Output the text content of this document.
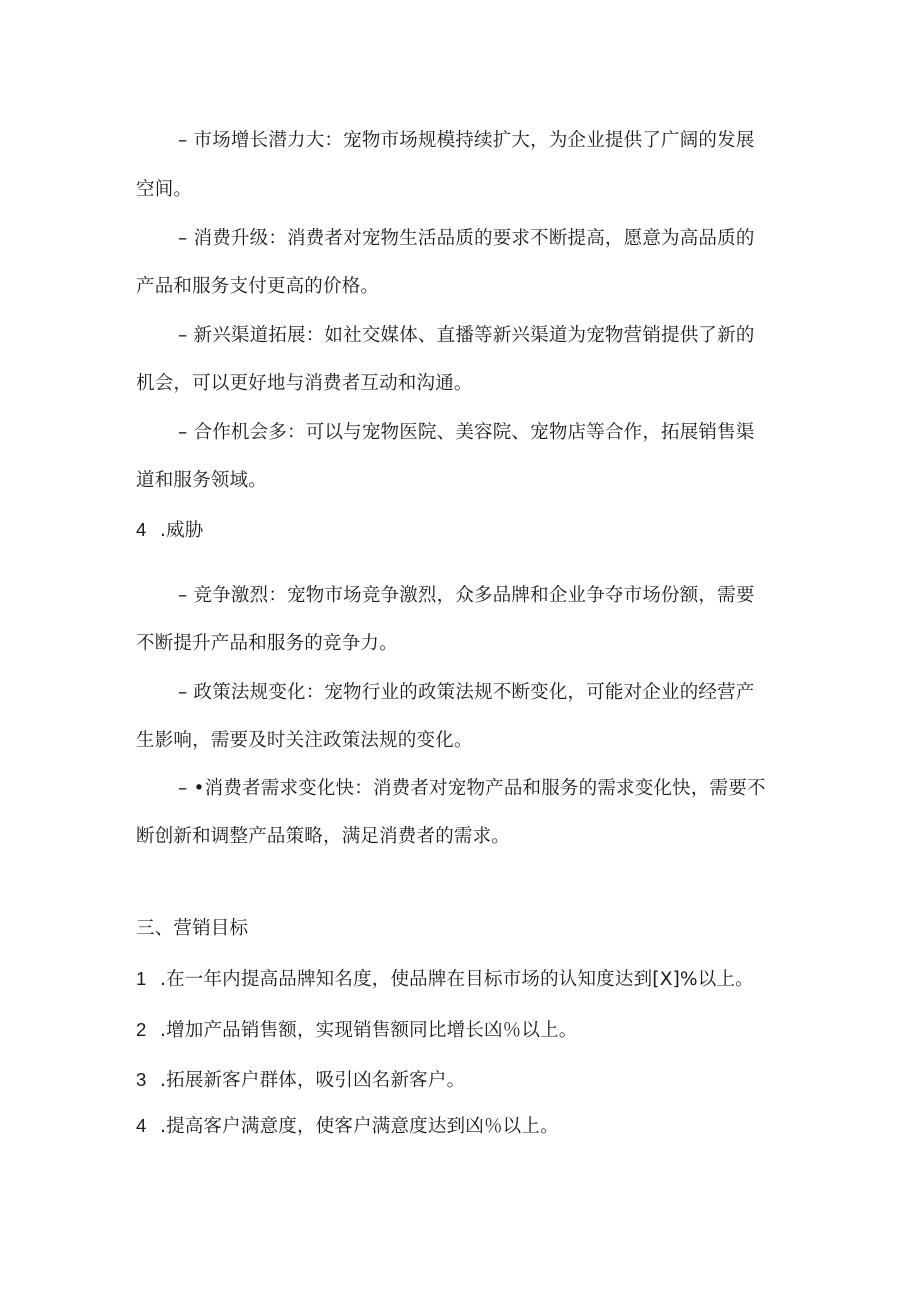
– 市场增长潜力大：宠物市场规模持续扩大，为企业提供了广阔的发展
空间。
– 消费升级：消费者对宠物生活品质的要求不断提高，愿意为高品质的
产品和服务支付更高的价格。
– 新兴渠道拓展：如社交媒体、直播等新兴渠道为宠物营销提供了新的
机会，可以更好地与消费者互动和沟通。
– 合作机会多：可以与宠物医院、美容院、宠物店等合作，拓展销售渠
道和服务领域。
4 .威胁
– 竞争激烈：宠物市场竞争激烈，众多品牌和企业争夺市场份额，需要
不断提升产品和服务的竞争力。
– 政策法规变化：宠物行业的政策法规不断变化，可能对企业的经营产
生影响，需要及时关注政策法规的变化。
– •消费者需求变化快：消费者对宠物产品和服务的需求变化快，需要不
断创新和调整产品策略，满足消费者的需求。
三、营销目标
1 .在一年内提高品牌知名度，使品牌在目标市场的认知度达到[X]%以上。
2 .增加产品销售额，实现销售额同比增长凶％以上。
3 .拓展新客户群体，吸引凶名新客户。
4 .提高客户满意度，使客户满意度达到凶％以上。
